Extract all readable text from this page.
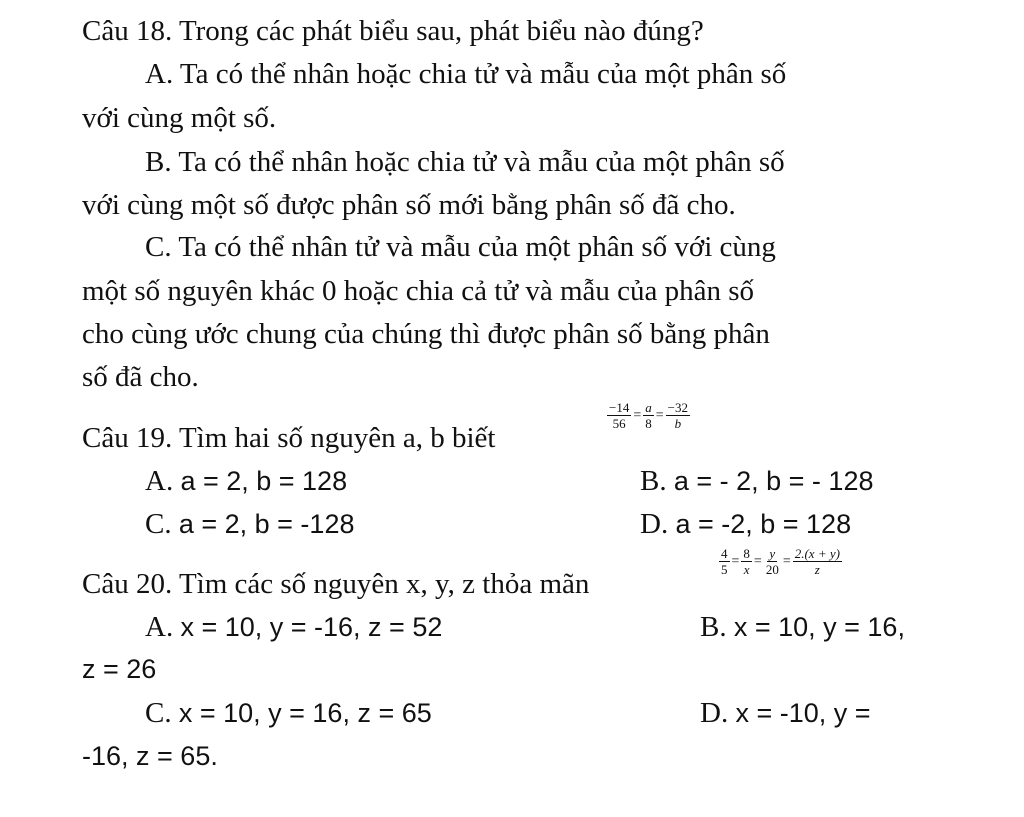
Câu 18. Trong các phát biểu sau, phát biểu nào đúng?
A. Ta có thể nhân hoặc chia tử và mẫu của một phân số
với cùng một số.
B. Ta có thể nhân hoặc chia tử và mẫu của một phân số
với cùng một số được phân số mới bằng phân số đã cho.
C. Ta có thể nhân tử và mẫu của một phân số với cùng
một số nguyên khác 0 hoặc chia cả tử và mẫu của phân số
cho cùng ước chung của chúng thì được phân số bằng phân
số đã cho.
Câu 19. Tìm hai số nguyên a, b biết
$\frac{-14}{56} = \frac{a}{8} = \frac{-32}{b}$
A. a = 2, b = 128	B. a = - 2, b = - 128
C. a = 2, b = -128	D. a = -2, b = 128
Câu 20. Tìm các số nguyên x, y, z thỏa mãn
$\frac{4}{5} = \frac{8}{x} = \frac{y}{20} = \frac{2.(x + y)}{z}$
A. x = 10, y = -16, z = 52	B. x = 10, y = 16,
z = 26
C. x = 10, y = 16, z = 65	D. x = -10, y =
-16, z = 65.
